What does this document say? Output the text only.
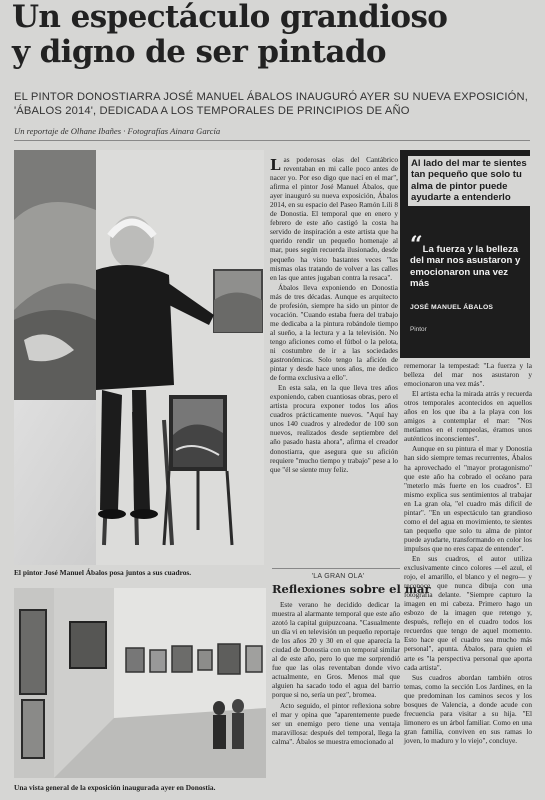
Un espectáculo grandioso
y digno de ser pintado

EL PINTOR DONOSTIARRA JOSÉ MANUEL ÁBALOS INAUGURÓ AYER SU NUEVA EXPOSICIÓN, 'ÁBALOS 2014', DEDICADA A LOS TEMPORALES DE PRINCIPIOS DE AÑO

Un reportaje de Olhane Ibañes · Fotografías Ainara García

El pintor José Manuel Ábalos posa juntos a sus cuadros.

Las poderosas olas del Cantábrico reventaban en mi calle poco antes de nacer yo. Por eso digo que nací en el mar", afirma el pintor José Manuel Ábalos, que ayer inauguró su nueva exposición, Ábalos 2014, en su espacio del Paseo Ramón Lili 8 de Donostia. El temporal que en enero y febrero de este año castigó la costa ha servido de inspiración a este artista que ha querido rendir un pequeño homenaje al mar, pues según recuerda ilusionado, desde pequeño ha visto bastantes veces "las mismas olas tratando de volver a las calles en las que antes jugaban contra la resaca".

Ábalos lleva exponiendo en Donostia más de tres décadas. Aunque es arquitecto de profesión, siempre ha sido un pintor de vocación. "Cuando estaba fuera del trabajo me dedicaba a la pintura robándole tiempo al sueño, a la lectura y a la televisión. No tengo aficiones como el fútbol o la pelota, ni costumbre de ir a las sociedades gastronómicas. Solo tengo la afición de pintar y desde hace unos años, me dedico de forma exclusiva a ello".

En esta sala, en la que lleva tres años exponiendo, caben cuantiosas obras, pero el artista procura exponer todos los años cuadros prácticamente nuevos. "Aquí hay unos 140 cuadros y alrededor de 100 son nuevos, realizados desde septiembre del año pasado hasta ahora", afirma el creador donostiarra, que asegura que su afición requiere "mucho tiempo y trabajo" pese a lo que "él se siente muy feliz.

Al lado del mar te sientes tan pequeño que solo tu alma de pintor puede ayudarte a entenderlo

“La fuerza y la belleza del mar nos asustaron y emocionaron una vez más

JOSÉ MANUEL ÁBALOS
Pintor

rememorar la tempestad: "La fuerza y la belleza del mar nos asustaron y emocionaron una vez más".

El artista echa la mirada atrás y recuerda otros temporales acontecidos en aquellos años en los que iba a la playa con los amigos a contemplar el mar: "Nos metíamos en el rompeolas, éramos unos auténticos inconscientes".

Aunque en su pintura el mar y Donostia han sido siempre temas recurrentes, Ábalos ha aprovechado el "mayor protagonismo" que este año ha cobrado el océano para "meterlo más fuerte en los cuadros". El mismo explica sus sentimientos al trabajar en La gran ola, "el cuadro más difícil de pintar". "En un espectáculo tan grandioso como el del agua en movimiento, te sientes tan pequeño que solo tu alma de pintor puede ayudarte, transformando en color los impulsos que no eres capaz de entender".

En sus cuadros, el autor utiliza exclusivamente cinco colores —el azul, el rojo, el amarillo, el blanco y el negro— y reconoce que nunca dibuja con una fotografía delante. "Siempre capturo la imagen en mi cabeza. Primero hago un esbozo de la imagen que retengo y, después, reflejo en el cuadro todos los recuerdos que tengo de aquel momento. Esto hace que el cuadro sea mucho más personal", apunta. Ábalos, para quien el arte es "la perspectiva personal que aporta cada artista".

Sus cuadros abordan también otros temas, como la sección Los Jardines, en la que predominan los caminos secos y los bosques de Valencia, a donde acude con frecuencia para visitar a su hija. "El limonero es un árbol familiar. Como en una gran familia, conviven en sus ramas lo joven, lo maduro y lo viejo", concluye.

'LA GRAN OLA'
Reflexiones sobre el mar

Este verano he decidido dedicar la muestra al alarmante temporal que este año azotó la capital guipuzcoana. "Casualmente un día vi en televisión un pequeño reportaje de los años 20 y 30 en el que aparecía la ciudad de Donostia con un temporal similar al de este año, pero lo que me sorprendió fue que las olas reventaban donde vivo actualmente, en Gros. Menos mal que alguien ha sacado todo el agua del barrio porque si no, sería un pez", bromea.

Acto seguido, el pintor reflexiona sobre el mar y opina que "aparentemente puede ser un enemigo pero tiene una ventaja maravillosa: después del temporal, llega la calma". Ábalos se muestra emocionado al

Una vista general de la exposición inaugurada ayer en Donostia.
